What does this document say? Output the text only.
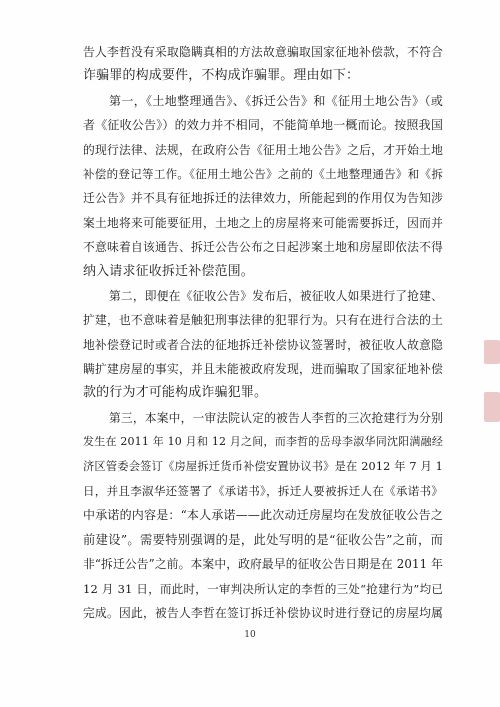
告人李哲没有采取隐瞒真相的方法故意骗取国家征地补偿款，不符合
诈骗罪的构成要件，不构成诈骗罪。理由如下：
第一，《土地整理通告》、《拆迁公告》和《征用土地公告》（或
者《征收公告》）的效力并不相同，不能简单地一概而论。按照我国
的现行法律、法规，在政府公告《征用土地公告》之后，才开始土地
补偿的登记等工作。《征用土地公告》之前的《土地整理通告》和《拆
迁公告》并不具有征地拆迁的法律效力，所能起到的作用仅为告知涉
案土地将来可能要征用，土地之上的房屋将来可能需要拆迁，因而并
不意味着自该通告、拆迁公告公布之日起涉案土地和房屋即依法不得
纳入请求征收拆迁补偿范围。
第二，即便在《征收公告》发布后，被征收人如果进行了抢建、
扩建，也不意味着是触犯刑事法律的犯罪行为。只有在进行合法的土
地补偿登记时或者合法的征地拆迁补偿协议签署时，被征收人故意隐
瞒扩建房屋的事实，并且未能被政府发现，进而骗取了国家征地补偿
款的行为才可能构成诈骗犯罪。
第三，本案中，一审法院认定的被告人李哲的三次抢建行为分别
发生在 2011 年 10 月和 12 月之间，而李哲的岳母李淑华同沈阳满融经
济区管委会签订《房屋拆迁货币补偿安置协议书》是在 2012 年 7 月 1
日，并且李淑华还签署了《承诺书》，拆迁人要被拆迁人在《承诺书》
中承诺的内容是：“本人承诺——此次动迁房屋均在发放征收公告之
前建设”。需要特别强调的是，此处写明的是“征收公告”之前，而
非“拆迁公告”之前。本案中，政府最早的征收公告日期是在 2011 年
12 月 31 日，而此时，一审判决所认定的李哲的三处“抢建行为”均已
完成。因此，被告人李哲在签订拆迁补偿协议时进行登记的房屋均属
10
